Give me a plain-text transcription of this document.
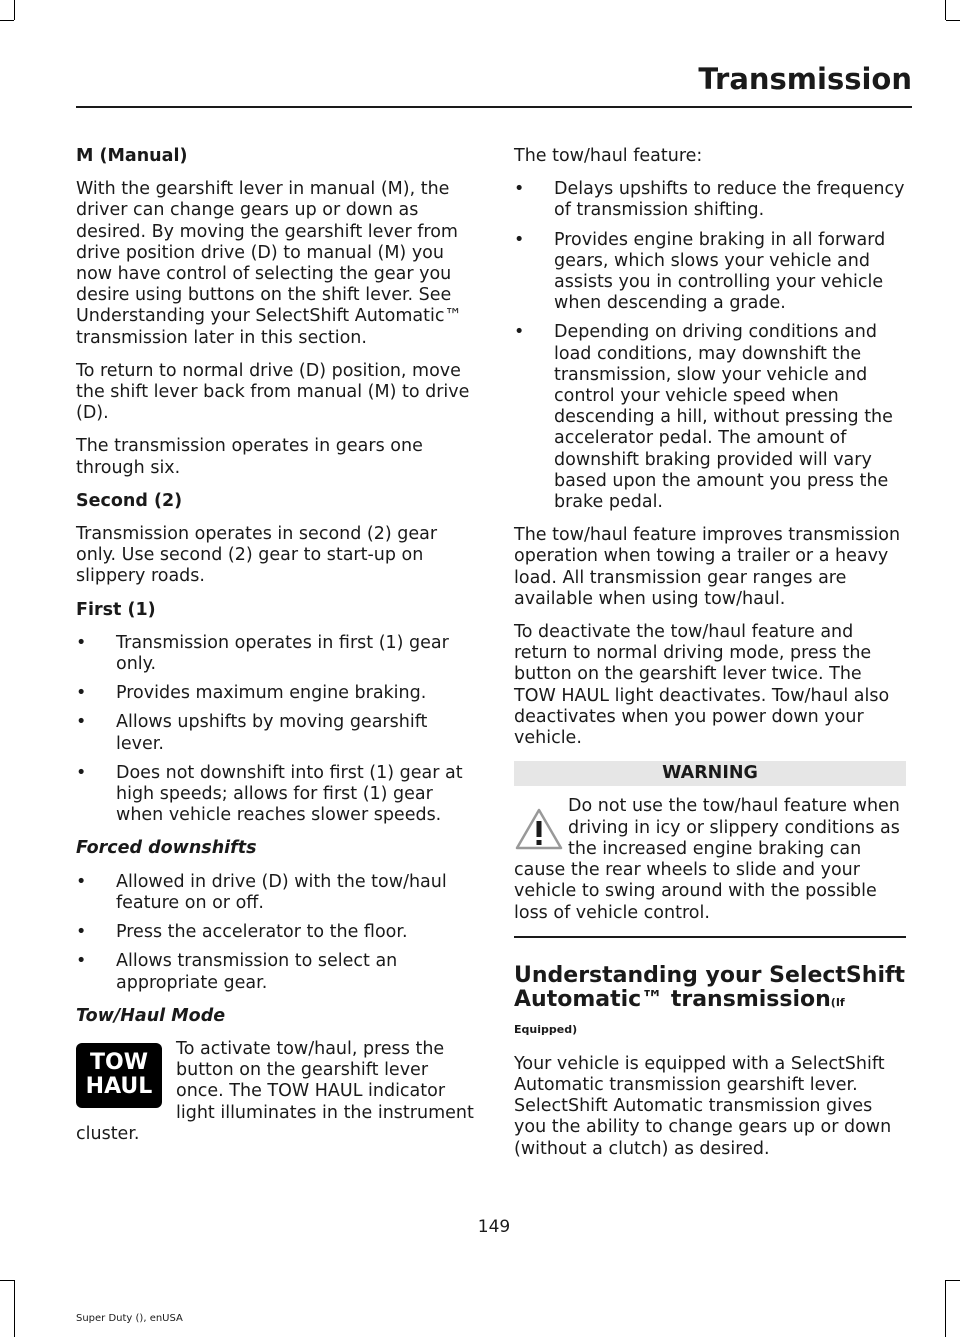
Transmission

M (Manual)

With the gearshift lever in manual (M), the driver can change gears up or down as desired. By moving the gearshift lever from drive position drive (D) to manual (M) you now have control of selecting the gear you desire using buttons on the shift lever. See Understanding your SelectShift Automatic™ transmission later in this section.

To return to normal drive (D) position, move the shift lever back from manual (M) to drive (D).

The transmission operates in gears one through six.

Second (2)

Transmission operates in second (2) gear only. Use second (2) gear to start-up on slippery roads.

First (1)

• Transmission operates in first (1) gear only.
• Provides maximum engine braking.
• Allows upshifts by moving gearshift lever.
• Does not downshift into first (1) gear at high speeds; allows for first (1) gear when vehicle reaches slower speeds.

Forced downshifts

• Allowed in drive (D) with the tow/haul feature on or off.
• Press the accelerator to the floor.
• Allows transmission to select an appropriate gear.

Tow/Haul Mode

TOW
HAUL
To activate tow/haul, press the button on the gearshift lever once. The TOW HAUL indicator light illuminates in the instrument cluster.

The tow/haul feature:

• Delays upshifts to reduce the frequency of transmission shifting.
• Provides engine braking in all forward gears, which slows your vehicle and assists you in controlling your vehicle when descending a grade.
• Depending on driving conditions and load conditions, may downshift the transmission, slow your vehicle and control your vehicle speed when descending a hill, without pressing the accelerator pedal. The amount of downshift braking provided will vary based upon the amount you press the brake pedal.

The tow/haul feature improves transmission operation when towing a trailer or a heavy load. All transmission gear ranges are available when using tow/haul.

To deactivate the tow/haul feature and return to normal driving mode, press the button on the gearshift lever twice. The TOW HAUL light deactivates. Tow/haul also deactivates when you power down your vehicle.

WARNING

Do not use the tow/haul feature when driving in icy or slippery conditions as the increased engine braking can cause the rear wheels to slide and your vehicle to swing around with the possible loss of vehicle control.

Understanding your SelectShift Automatic™ transmission(If Equipped)

Your vehicle is equipped with a SelectShift Automatic transmission gearshift lever. SelectShift Automatic transmission gives you the ability to change gears up or down (without a clutch) as desired.

149
Super Duty (), enUSA
